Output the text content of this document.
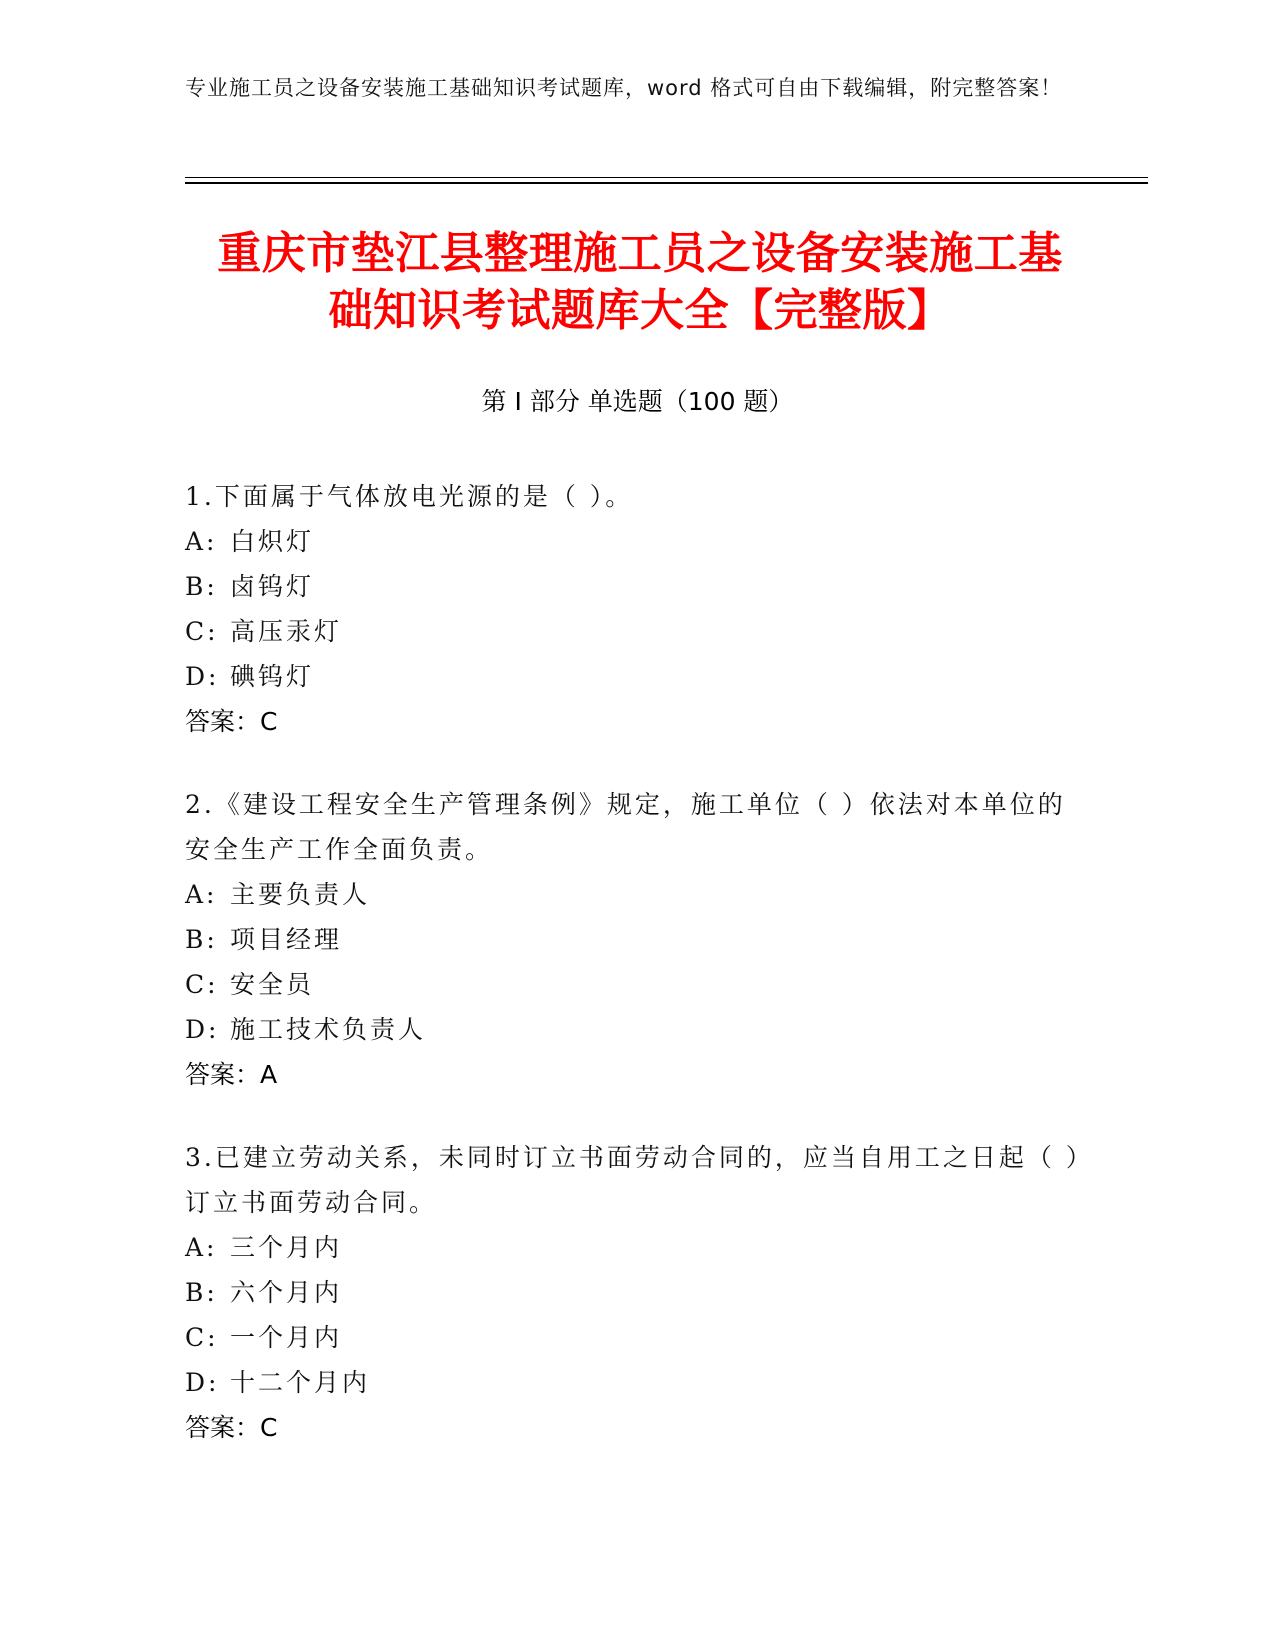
专业施工员之设备安装施工基础知识考试题库，word 格式可自由下载编辑，附完整答案！
重庆市垫江县整理施工员之设备安装施工基
础知识考试题库大全【完整版】
第 I 部分 单选题（100 题）
1.下面属于气体放电光源的是（ ）。
A: 白炽灯
B: 卤钨灯
C: 高压汞灯
D: 碘钨灯
答案：C
2.《建设工程安全生产管理条例》规定，施工单位（ ）依法对本单位的安全生产工作全面负责。
A: 主要负责人
B: 项目经理
C: 安全员
D: 施工技术负责人
答案：A
3.已建立劳动关系，未同时订立书面劳动合同的，应当自用工之日起（ ）订立书面劳动合同。
A: 三个月内
B: 六个月内
C: 一个月内
D: 十二个月内
答案：C
